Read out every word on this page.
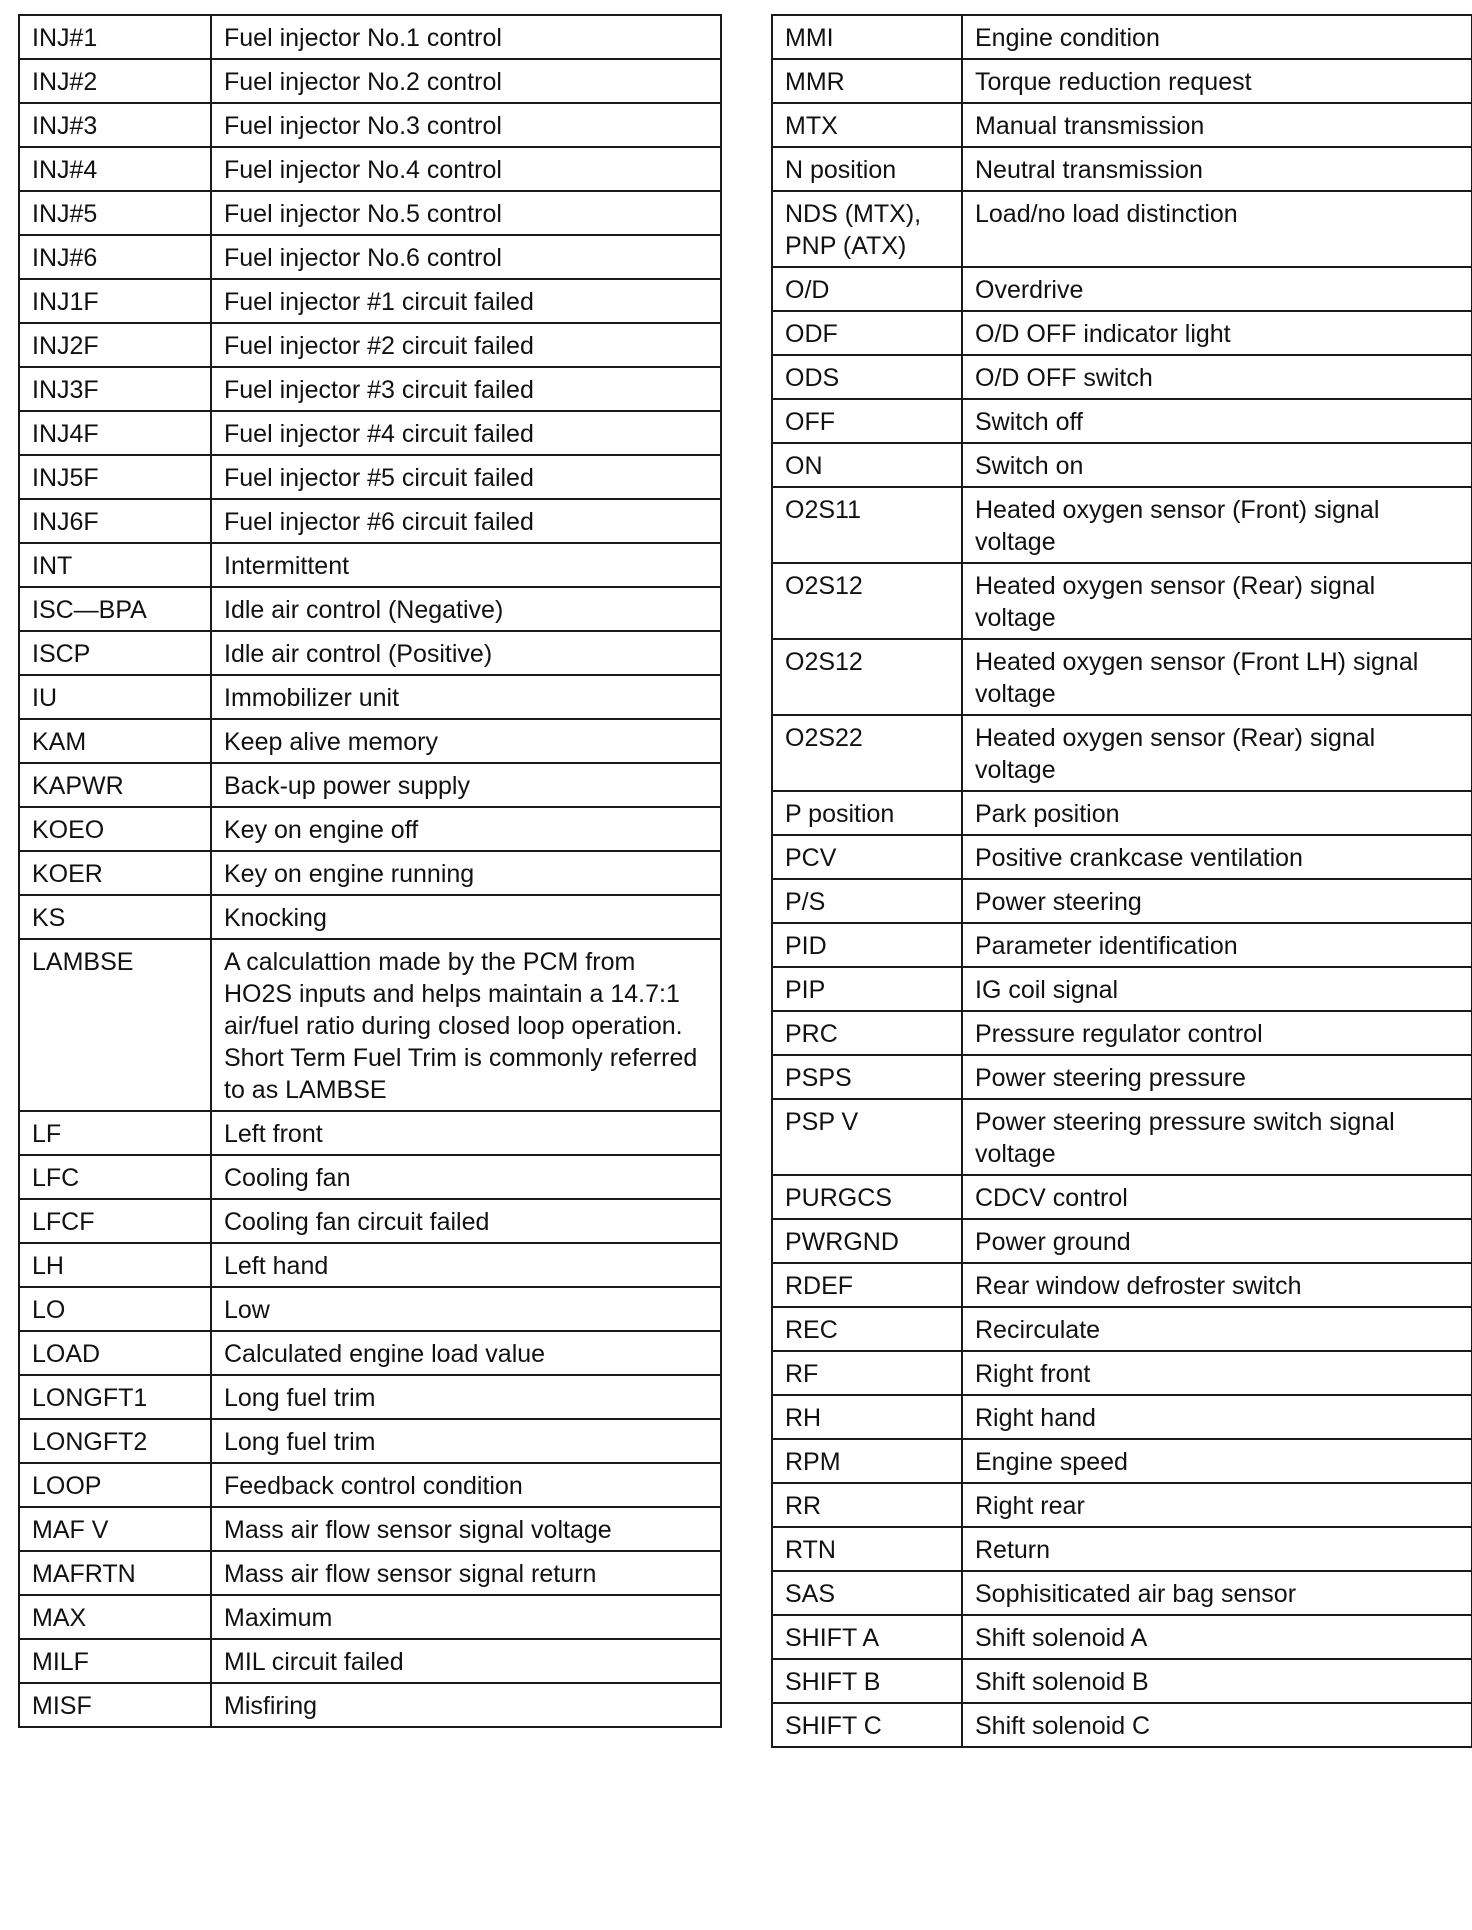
INJ#1	Fuel injector No.1 control
INJ#2	Fuel injector No.2 control
INJ#3	Fuel injector No.3 control
INJ#4	Fuel injector No.4 control
INJ#5	Fuel injector No.5 control
INJ#6	Fuel injector No.6 control
INJ1F	Fuel injector #1 circuit failed
INJ2F	Fuel injector #2 circuit failed
INJ3F	Fuel injector #3 circuit failed
INJ4F	Fuel injector #4 circuit failed
INJ5F	Fuel injector #5 circuit failed
INJ6F	Fuel injector #6 circuit failed
INT	Intermittent
ISC—BPA	Idle air control (Negative)
ISCP	Idle air control (Positive)
IU	Immobilizer unit
KAM	Keep alive memory
KAPWR	Back-up power supply
KOEO	Key on engine off
KOER	Key on engine running
KS	Knocking
LAMBSE	A calculattion made by the PCM from HO2S inputs and helps maintain a 14.7:1 air/fuel ratio during closed loop operation. Short Term Fuel Trim is commonly referred to as LAMBSE
LF	Left front
LFC	Cooling fan
LFCF	Cooling fan circuit failed
LH	Left hand
LO	Low
LOAD	Calculated engine load value
LONGFT1	Long fuel trim
LONGFT2	Long fuel trim
LOOP	Feedback control condition
MAF V	Mass air flow sensor signal voltage
MAFRTN	Mass air flow sensor signal return
MAX	Maximum
MILF	MIL circuit failed
MISF	Misfiring
MMI	Engine condition
MMR	Torque reduction request
MTX	Manual transmission
N position	Neutral transmission
NDS (MTX), PNP (ATX)	Load/no load distinction
O/D	Overdrive
ODF	O/D OFF indicator light
ODS	O/D OFF switch
OFF	Switch off
ON	Switch on
O2S11	Heated oxygen sensor (Front) signal voltage
O2S12	Heated oxygen sensor (Rear) signal voltage
O2S12	Heated oxygen sensor (Front LH) signal voltage
O2S22	Heated oxygen sensor (Rear) signal voltage
P position	Park position
PCV	Positive crankcase ventilation
P/S	Power steering
PID	Parameter identification
PIP	IG coil signal
PRC	Pressure regulator control
PSPS	Power steering pressure
PSP V	Power steering pressure switch signal voltage
PURGCS	CDCV control
PWRGND	Power ground
RDEF	Rear window defroster switch
REC	Recirculate
RF	Right front
RH	Right hand
RPM	Engine speed
RR	Right rear
RTN	Return
SAS	Sophisiticated air bag sensor
SHIFT A	Shift solenoid A
SHIFT B	Shift solenoid B
SHIFT C	Shift solenoid C
